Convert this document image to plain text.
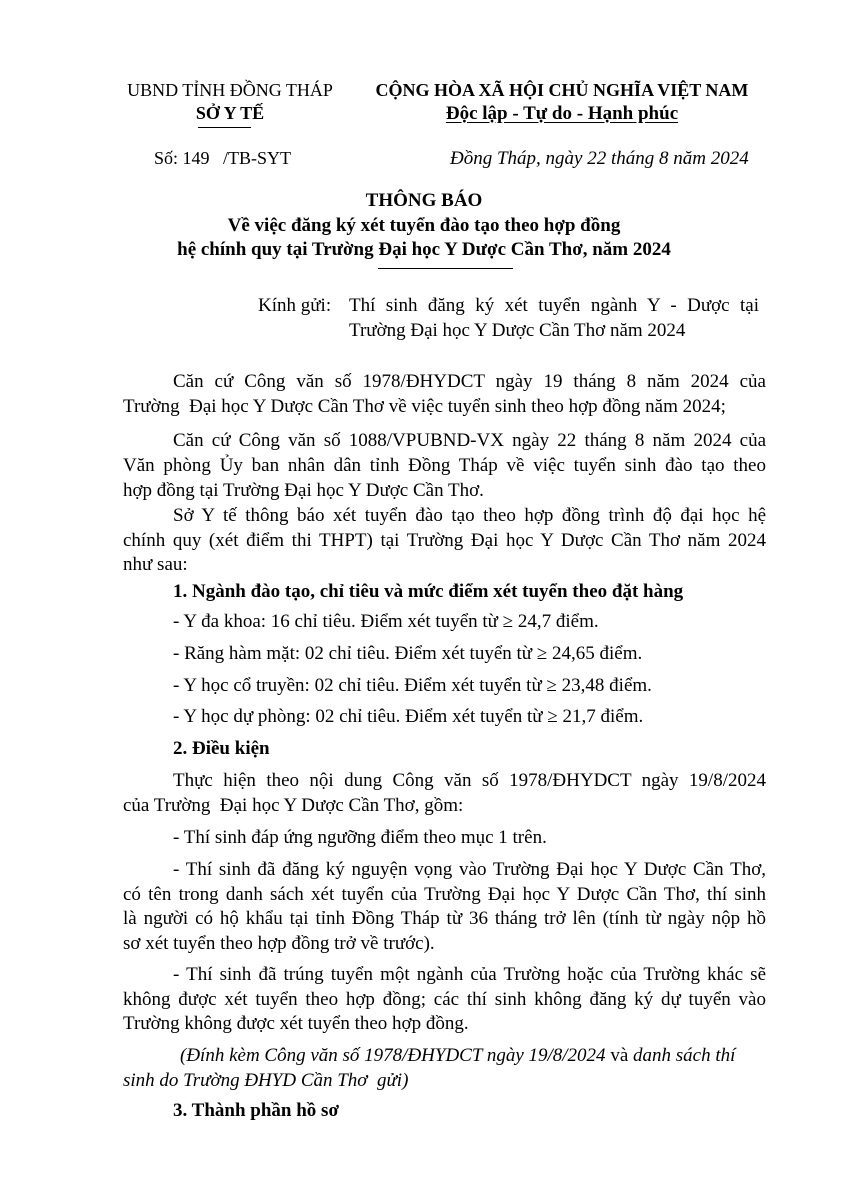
UBND TỈNH ĐỒNG THÁP
SỞ Y TẾ
CỘNG HÒA XÃ HỘI CHỦ NGHĨA VIỆT NAM
Độc lập - Tự do - Hạnh phúc
Số: 149   /TB-SYT	Đồng Tháp, ngày 22 tháng 8 năm 2024
THÔNG BÁO
Về việc đăng ký xét tuyển đào tạo theo hợp đồng
hệ chính quy tại Trường Đại học Y Dược Cần Thơ, năm 2024
Kính gửi: Thí sinh đăng ký xét tuyển ngành Y - Dược tại
Trường Đại học Y Dược Cần Thơ năm 2024
Căn cứ Công văn số 1978/ĐHYDCT ngày 19 tháng 8 năm 2024 của
Trường  Đại học Y Dược Cần Thơ về việc tuyển sinh theo hợp đồng năm 2024;
Căn cứ Công văn số 1088/VPUBND-VX ngày 22 tháng 8 năm 2024 của
Văn phòng Ủy ban nhân dân tỉnh Đồng Tháp về việc tuyển sinh đào tạo theo
hợp đồng tại Trường Đại học Y Dược Cần Thơ.
Sở Y tế thông báo xét tuyển đào tạo theo hợp đồng trình độ đại học hệ
chính quy (xét điểm thi THPT) tại Trường Đại học Y Dược Cần Thơ năm 2024
như sau:
1. Ngành đào tạo, chỉ tiêu và mức điểm xét tuyển theo đặt hàng
- Y đa khoa: 16 chỉ tiêu. Điểm xét tuyển từ ≥ 24,7 điểm.
- Răng hàm mặt: 02 chỉ tiêu. Điểm xét tuyển từ ≥ 24,65 điểm.
- Y học cổ truyền: 02 chỉ tiêu. Điểm xét tuyển từ ≥ 23,48 điểm.
- Y học dự phòng: 02 chỉ tiêu. Điểm xét tuyển từ ≥ 21,7 điểm.
2. Điều kiện
Thực hiện theo nội dung Công văn số 1978/ĐHYDCT ngày 19/8/2024
của Trường  Đại học Y Dược Cần Thơ, gồm:
- Thí sinh đáp ứng ngưỡng điểm theo mục 1 trên.
- Thí sinh đã đăng ký nguyện vọng vào Trường Đại học Y Dược Cần Thơ,
có tên trong danh sách xét tuyển của Trường Đại học Y Dược Cần Thơ, thí sinh
là người có hộ khẩu tại tỉnh Đồng Tháp từ 36 tháng trở lên (tính từ ngày nộp hồ
sơ xét tuyển theo hợp đồng trở về trước).
- Thí sinh đã trúng tuyển một ngành của Trường hoặc của Trường khác sẽ
không được xét tuyển theo hợp đồng; các thí sinh không đăng ký dự tuyển vào
Trường không được xét tuyển theo hợp đồng.
(Đính kèm Công văn số 1978/ĐHYDCT ngày 19/8/2024 và danh sách thí
sinh do Trường ĐHYD Cần Thơ  gửi)
3. Thành phần hồ sơ
